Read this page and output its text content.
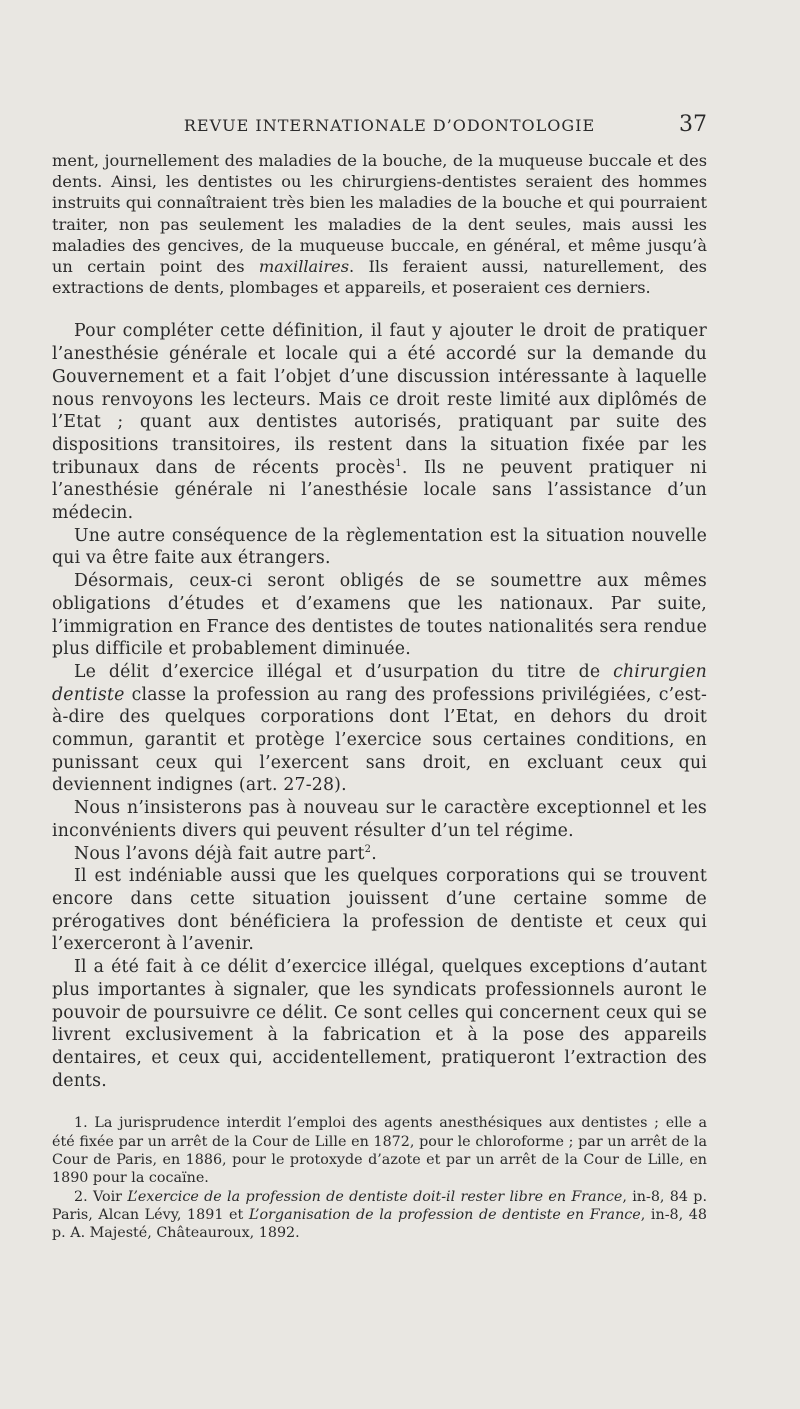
REVUE INTERNATIONALE D’ODONTOLOGIE	37

ment, journellement des maladies de la bouche, de la muqueuse buccale et des dents. Ainsi, les dentistes ou les chirurgiens-dentistes seraient des hommes instruits qui connaîtraient très bien les maladies de la bouche et qui pourraient traiter, non pas seulement les maladies de la dent seules, mais aussi les maladies des gencives, de la muqueuse buccale, en général, et même jusqu’à un certain point des maxillaires. Ils feraient aussi, naturellement, des extractions de dents, plombages et appareils, et poseraient ces derniers.

Pour compléter cette définition, il faut y ajouter le droit de pratiquer l’anesthésie générale et locale qui a été accordé sur la demande du Gouvernement et a fait l’objet d’une discussion intéressante à laquelle nous renvoyons les lecteurs. Mais ce droit reste limité aux diplômés de l’Etat ; quant aux dentistes autorisés, pratiquant par suite des dispositions transitoires, ils restent dans la situation fixée par les tribunaux dans de récents procès$^1$. Ils ne peuvent pratiquer ni l’anesthésie générale ni l’anesthésie locale sans l’assistance d’un médecin.

Une autre conséquence de la règlementation est la situation nouvelle qui va être faite aux étrangers.

Désormais, ceux-ci seront obligés de se soumettre aux mêmes obligations d’études et d’examens que les nationaux. Par suite, l’immigration en France des dentistes de toutes nationalités sera rendue plus difficile et probablement diminuée.

Le délit d’exercice illégal et d’usurpation du titre de chirurgien dentiste classe la profession au rang des professions privilégiées, c’est-à-dire des quelques corporations dont l’Etat, en dehors du droit commun, garantit et protège l’exercice sous certaines conditions, en punissant ceux qui l’exercent sans droit, en excluant ceux qui deviennent indignes (art. 27-28).

Nous n’insisterons pas à nouveau sur le caractère exceptionnel et les inconvénients divers qui peuvent résulter d’un tel régime.

Nous l’avons déjà fait autre part$^2$.

Il est indéniable aussi que les quelques corporations qui se trouvent encore dans cette situation jouissent d’une certaine somme de prérogatives dont bénéficiera la profession de dentiste et ceux qui l’exerceront à l’avenir.

Il a été fait à ce délit d’exercice illégal, quelques exceptions d’autant plus importantes à signaler, que les syndicats professionnels auront le pouvoir de poursuivre ce délit. Ce sont celles qui concernent ceux qui se livrent exclusivement à la fabrication et à la pose des appareils dentaires, et ceux qui, accidentellement, pratiqueront l’extraction des dents.

1. La jurisprudence interdit l’emploi des agents anesthésiques aux dentistes ; elle a été fixée par un arrêt de la Cour de Lille en 1872, pour le chloroforme ; par un arrêt de la Cour de Paris, en 1886, pour le protoxyde d’azote et par un arrêt de la Cour de Lille, en 1890 pour la cocaïne.

2. Voir L’exercice de la profession de dentiste doit-il rester libre en France, in-8, 84 p. Paris, Alcan Lévy, 1891 et L’organisation de la profession de dentiste en France, in-8, 48 p. A. Majesté, Châteauroux, 1892.
